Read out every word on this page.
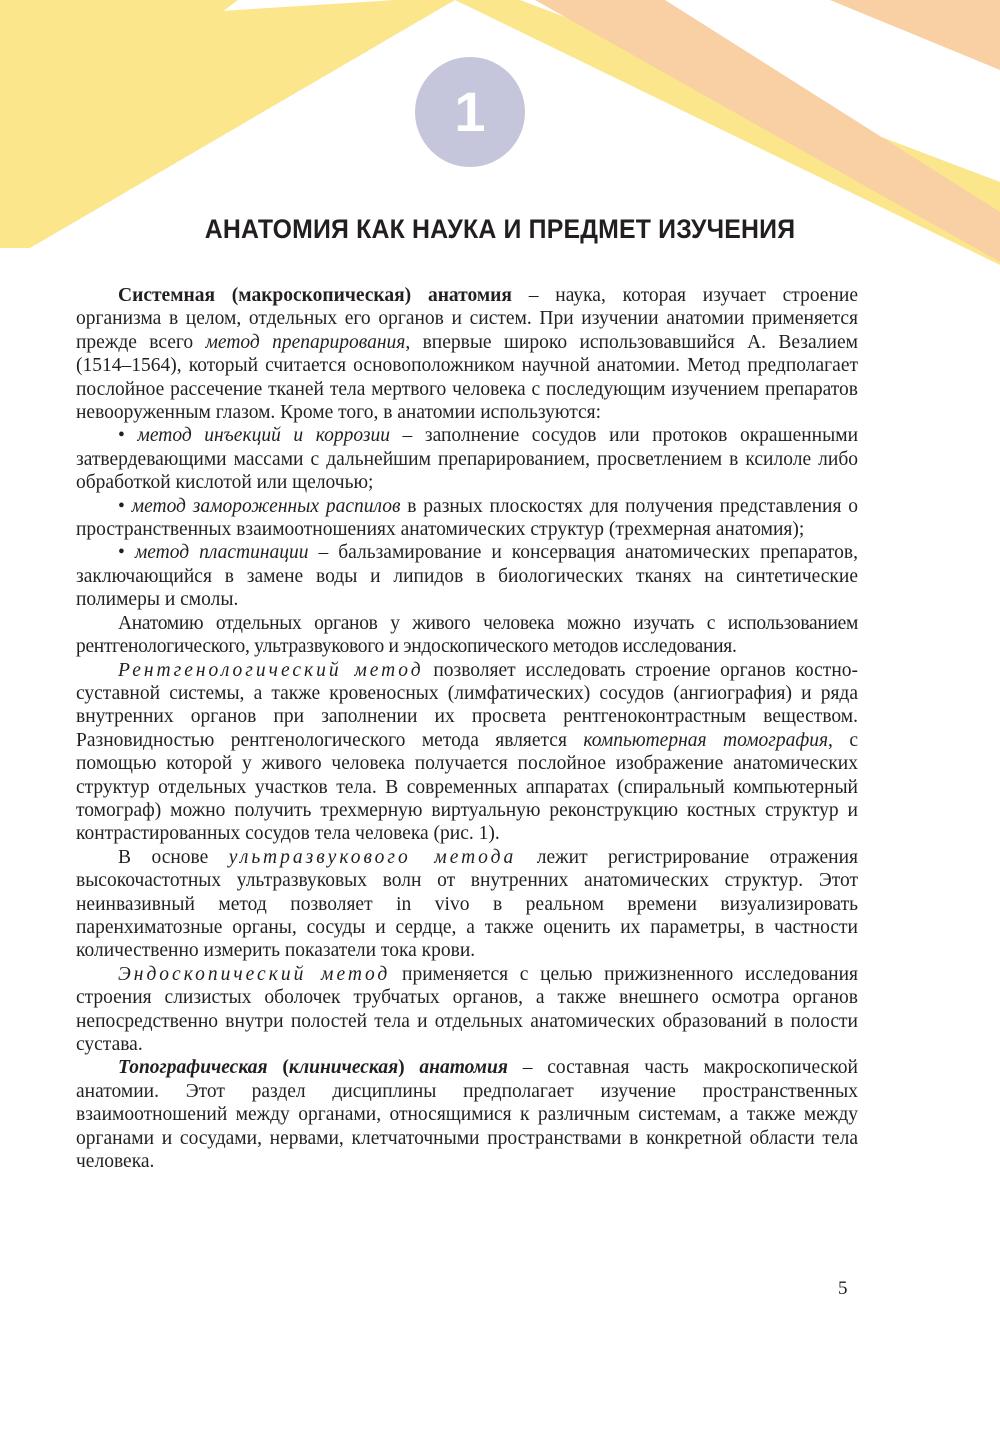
1
АНАТОМИЯ КАК НАУКА И ПРЕДМЕТ ИЗУЧЕНИЯ

Системная (макроскопическая) анатомия – наука, которая изучает строение организма в целом, отдельных его органов и систем. При изучении анатомии применяется прежде всего метод препарирования, впервые широко использовавшийся А. Везалием (1514–1564), который считается основоположником научной анатомии. Метод предполагает послойное рассечение тканей тела мертвого человека с последующим изучением препаратов невооруженным глазом. Кроме того, в анатомии используются:

• метод инъекций и коррозии – заполнение сосудов или протоков окрашенными затвердевающими массами с дальнейшим препарированием, просветлением в ксилоле либо обработкой кислотой или щелочью;

• метод замороженных распилов в разных плоскостях для получения представления о пространственных взаимоотношениях анатомических структур (трехмерная анатомия);

• метод пластинации – бальзамирование и консервация анатомических препаратов, заключающийся в замене воды и липидов в биологических тканях на синтетические полимеры и смолы.

Анатомию отдельных органов у живого человека можно изучать с использованием рентгенологического, ультразвукового и эндоскопического методов исследования.

Рентгенологический метод позволяет исследовать строение органов костно-суставной системы, а также кровеносных (лимфатических) сосудов (ангиография) и ряда внутренних органов при заполнении их просвета рентгеноконтрастным веществом. Разновидностью рентгенологического метода является компьютерная томография, с помощью которой у живого человека получается послойное изображение анатомических структур отдельных участков тела. В современных аппаратах (спиральный компьютерный томограф) можно получить трехмерную виртуальную реконструкцию костных структур и контрастированных сосудов тела человека (рис. 1).

В основе ультразвукового метода лежит регистрирование отражения высокочастотных ультразвуковых волн от внутренних анатомических структур. Этот неинвазивный метод позволяет in vivo в реальном времени визуализировать паренхиматозные органы, сосуды и сердце, а также оценить их параметры, в частности количественно измерить показатели тока крови.

Эндоскопический метод применяется с целью прижизненного исследования строения слизистых оболочек трубчатых органов, а также внешнего осмотра органов непосредственно внутри полостей тела и отдельных анатомических образований в полости сустава.

Топографическая (клиническая) анатомия – составная часть макроскопической анатомии. Этот раздел дисциплины предполагает изучение пространственных взаимоотношений между органами, относящимися к различным системам, а также между органами и сосудами, нервами, клетчаточными пространствами в конкретной области тела человека.

5
